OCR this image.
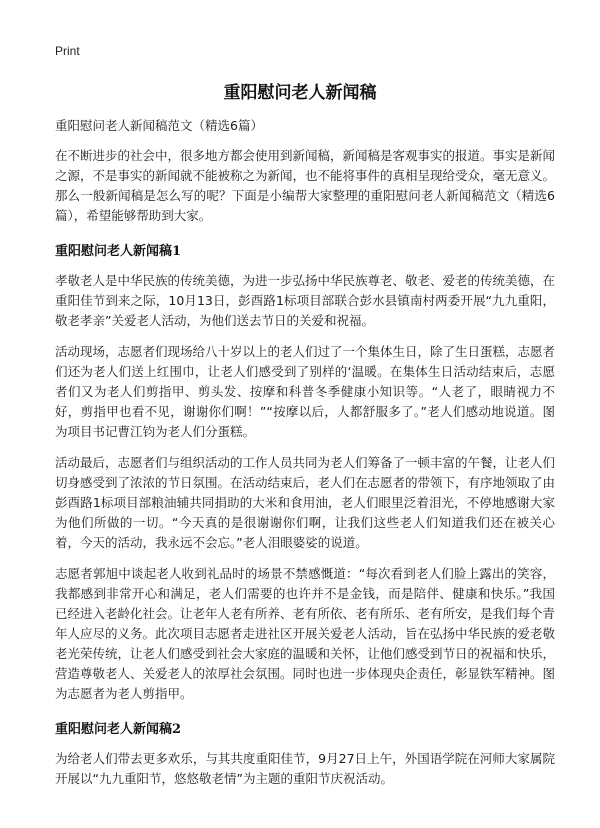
Print
重阳慰问老人新闻稿
重阳慰问老人新闻稿范文（精选6篇）

在不断进步的社会中，很多地方都会使用到新闻稿，新闻稿是客观事实的报道。事实是新闻之源，不是事实的新闻就不能被称之为新闻，也不能将事件的真相呈现给受众，毫无意义。那么一般新闻稿是怎么写的呢？下面是小编帮大家整理的重阳慰问老人新闻稿范文（精选6篇），希望能够帮助到大家。

重阳慰问老人新闻稿1

孝敬老人是中华民族的传统美德，为进一步弘扬中华民族尊老、敬老、爱老的传统美德，在重阳佳节到来之际，10月13日，彭酉路1标项目部联合彭水县镇南村两委开展“九九重阳，敬老孝亲”关爱老人活动，为他们送去节日的关爱和祝福。

活动现场，志愿者们现场给八十岁以上的老人们过了一个集体生日，除了生日蛋糕，志愿者们还为老人们送上红围巾，让老人们感受到了别样的‘温暖。在集体生日活动结束后，志愿者们又为老人们剪指甲、剪头发、按摩和科普冬季健康小知识等。“人老了，眼睛视力不好，剪指甲也看不见，谢谢你们啊！”“按摩以后，人都舒服多了。”老人们感动地说道。图为项目书记曹江钧为老人们分蛋糕。

活动最后，志愿者们与组织活动的工作人员共同为老人们筹备了一顿丰富的午餐，让老人们切身感受到了浓浓的节日氛围。在活动结束后，老人们在志愿者的带领下，有序地领取了由彭酉路1标项目部粮油辅共同捐助的大米和食用油，老人们眼里泛着泪光，不停地感谢大家为他们所做的一切。“今天真的是很谢谢你们啊，让我们这些老人们知道我们还在被关心着，今天的活动，我永远不会忘。”老人泪眼婆娑的说道。

志愿者郭旭中谈起老人收到礼品时的场景不禁感慨道：“每次看到老人们脸上露出的笑容，我都感到非常开心和满足，老人们需要的也许并不是金钱，而是陪伴、健康和快乐。”我国已经进入老龄化社会。让老年人老有所养、老有所依、老有所乐、老有所安，是我们每个青年人应尽的义务。此次项目志愿者走进社区开展关爱老人活动，旨在弘扬中华民族的爱老敬老光荣传统，让老人们感受到社会大家庭的温暖和关怀，让他们感受到节日的祝福和快乐，营造尊敬老人、关爱老人的浓厚社会氛围。同时也进一步体现央企责任，彰显铁军精神。图为志愿者为老人剪指甲。

重阳慰问老人新闻稿2

为给老人们带去更多欢乐，与其共度重阳佳节，9月27日上午，外国语学院在河师大家属院开展以“九九重阳节，悠悠敬老情”为主题的重阳节庆祝活动。
